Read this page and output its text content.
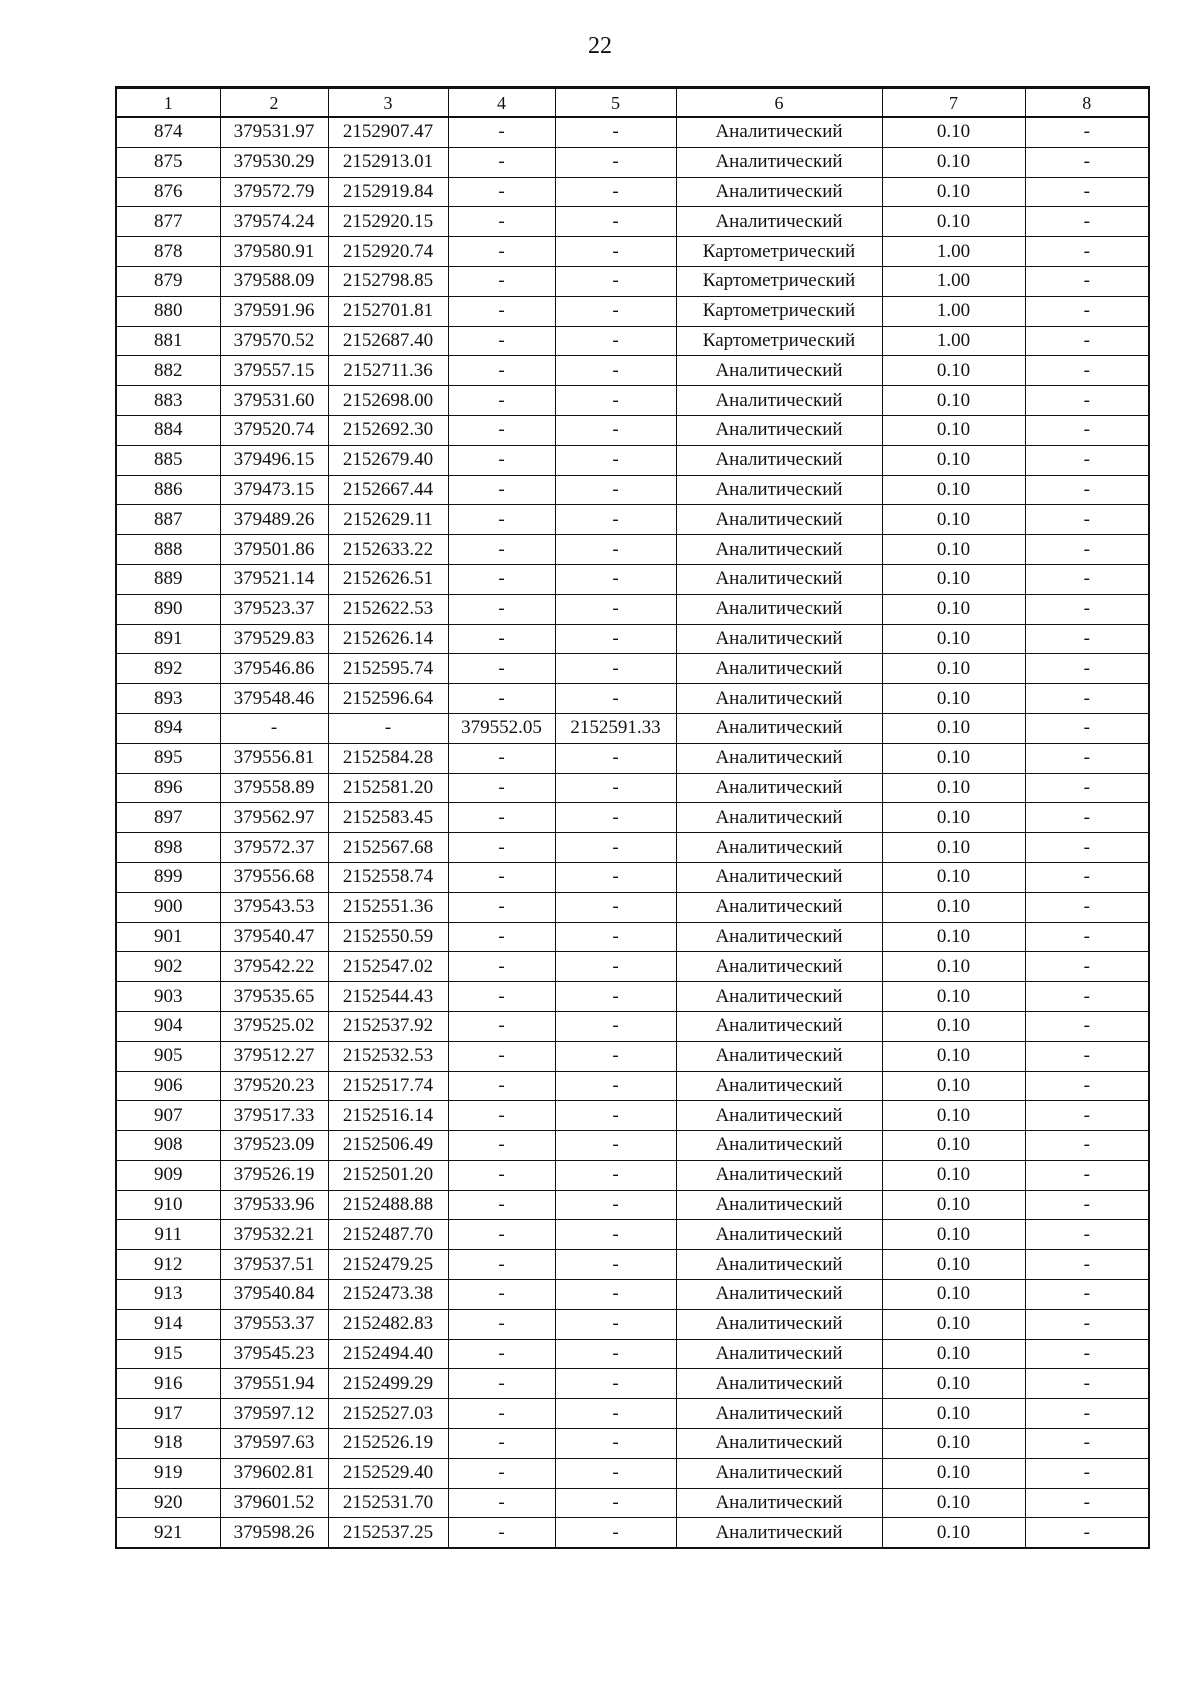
22
1	2	3	4	5	6	7	8
874	379531.97	2152907.47	-	-	Аналитический	0.10	-
875	379530.29	2152913.01	-	-	Аналитический	0.10	-
876	379572.79	2152919.84	-	-	Аналитический	0.10	-
877	379574.24	2152920.15	-	-	Аналитический	0.10	-
878	379580.91	2152920.74	-	-	Картометрический	1.00	-
879	379588.09	2152798.85	-	-	Картометрический	1.00	-
880	379591.96	2152701.81	-	-	Картометрический	1.00	-
881	379570.52	2152687.40	-	-	Картометрический	1.00	-
882	379557.15	2152711.36	-	-	Аналитический	0.10	-
883	379531.60	2152698.00	-	-	Аналитический	0.10	-
884	379520.74	2152692.30	-	-	Аналитический	0.10	-
885	379496.15	2152679.40	-	-	Аналитический	0.10	-
886	379473.15	2152667.44	-	-	Аналитический	0.10	-
887	379489.26	2152629.11	-	-	Аналитический	0.10	-
888	379501.86	2152633.22	-	-	Аналитический	0.10	-
889	379521.14	2152626.51	-	-	Аналитический	0.10	-
890	379523.37	2152622.53	-	-	Аналитический	0.10	-
891	379529.83	2152626.14	-	-	Аналитический	0.10	-
892	379546.86	2152595.74	-	-	Аналитический	0.10	-
893	379548.46	2152596.64	-	-	Аналитический	0.10	-
894	-	-	379552.05	2152591.33	Аналитический	0.10	-
895	379556.81	2152584.28	-	-	Аналитический	0.10	-
896	379558.89	2152581.20	-	-	Аналитический	0.10	-
897	379562.97	2152583.45	-	-	Аналитический	0.10	-
898	379572.37	2152567.68	-	-	Аналитический	0.10	-
899	379556.68	2152558.74	-	-	Аналитический	0.10	-
900	379543.53	2152551.36	-	-	Аналитический	0.10	-
901	379540.47	2152550.59	-	-	Аналитический	0.10	-
902	379542.22	2152547.02	-	-	Аналитический	0.10	-
903	379535.65	2152544.43	-	-	Аналитический	0.10	-
904	379525.02	2152537.92	-	-	Аналитический	0.10	-
905	379512.27	2152532.53	-	-	Аналитический	0.10	-
906	379520.23	2152517.74	-	-	Аналитический	0.10	-
907	379517.33	2152516.14	-	-	Аналитический	0.10	-
908	379523.09	2152506.49	-	-	Аналитический	0.10	-
909	379526.19	2152501.20	-	-	Аналитический	0.10	-
910	379533.96	2152488.88	-	-	Аналитический	0.10	-
911	379532.21	2152487.70	-	-	Аналитический	0.10	-
912	379537.51	2152479.25	-	-	Аналитический	0.10	-
913	379540.84	2152473.38	-	-	Аналитический	0.10	-
914	379553.37	2152482.83	-	-	Аналитический	0.10	-
915	379545.23	2152494.40	-	-	Аналитический	0.10	-
916	379551.94	2152499.29	-	-	Аналитический	0.10	-
917	379597.12	2152527.03	-	-	Аналитический	0.10	-
918	379597.63	2152526.19	-	-	Аналитический	0.10	-
919	379602.81	2152529.40	-	-	Аналитический	0.10	-
920	379601.52	2152531.70	-	-	Аналитический	0.10	-
921	379598.26	2152537.25	-	-	Аналитический	0.10	-
